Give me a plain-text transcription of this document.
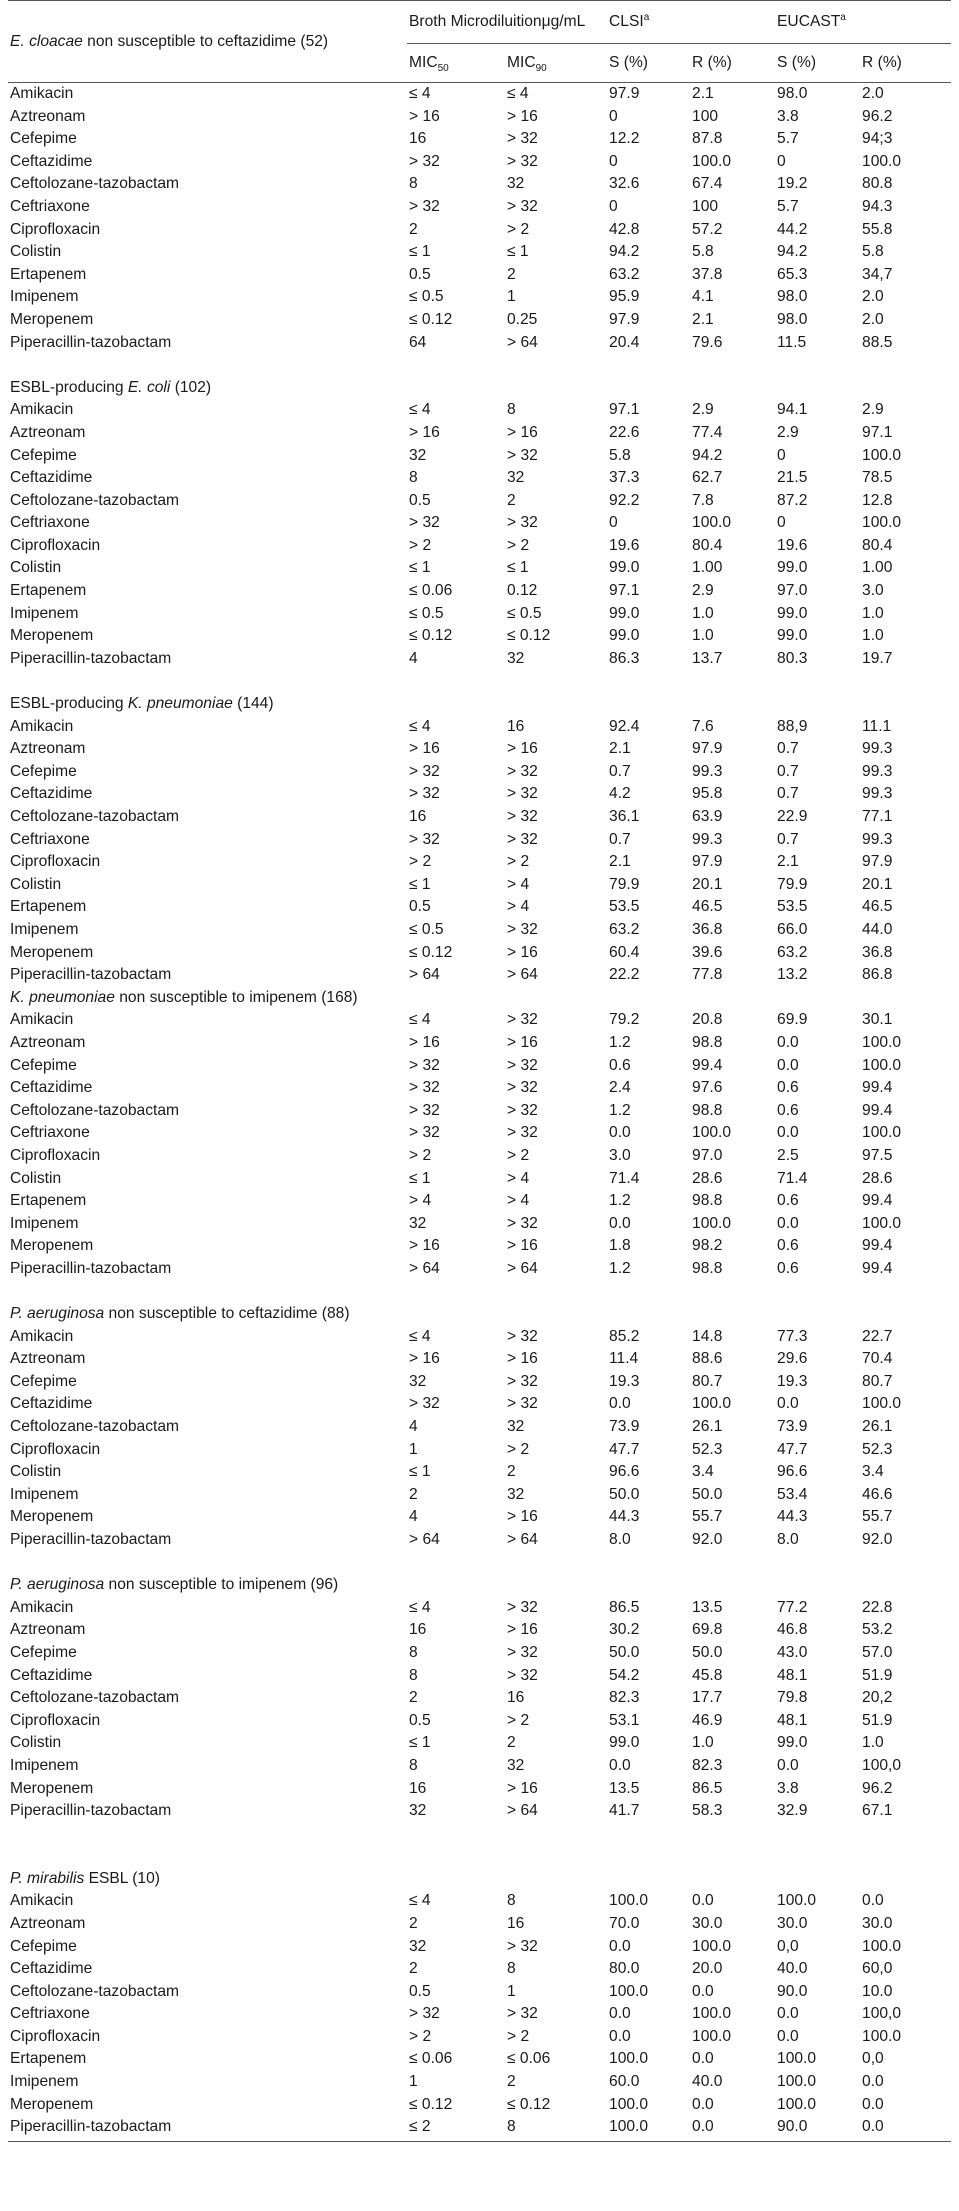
E. cloacae non susceptible to ceftazidime (52)	Broth Microdiluitionμg/mL		CLSI$^a$		EUCAST$^a$
	$MIC_{50}$	$MIC_{90}$	S (%)	R (%)	S (%)	R (%)
Amikacin	≤ 4	≤ 4	97.9	2.1	98.0	2.0
Aztreonam	> 16	> 16	0	100	3.8	96.2
Cefepime	16	> 32	12.2	87.8	5.7	94;3
Ceftazidime	> 32	> 32	0	100.0	0	100.0
Ceftolozane-tazobactam	8	32	32.6	67.4	19.2	80.8
Ceftriaxone	> 32	> 32	0	100	5.7	94.3
Ciprofloxacin	2	> 2	42.8	57.2	44.2	55.8
Colistin	≤ 1	≤ 1	94.2	5.8	94.2	5.8
Ertapenem	0.5	2	63.2	37.8	65.3	34,7
Imipenem	≤ 0.5	1	95.9	4.1	98.0	2.0
Meropenem	≤ 0.12	0.25	97.9	2.1	98.0	2.0
Piperacillin-tazobactam	64	> 64	20.4	79.6	11.5	88.5

ESBL-producing E. coli (102)						
Amikacin	≤ 4	8	97.1	2.9	94.1	2.9
Aztreonam	> 16	> 16	22.6	77.4	2.9	97.1
Cefepime	32	> 32	5.8	94.2	0	100.0
Ceftazidime	8	32	37.3	62.7	21.5	78.5
Ceftolozane-tazobactam	0.5	2	92.2	7.8	87.2	12.8
Ceftriaxone	> 32	> 32	0	100.0	0	100.0
Ciprofloxacin	> 2	> 2	19.6	80.4	19.6	80.4
Colistin	≤ 1	≤ 1	99.0	1.00	99.0	1.00
Ertapenem	≤ 0.06	0.12	97.1	2.9	97.0	3.0
Imipenem	≤ 0.5	≤ 0.5	99.0	1.0	99.0	1.0
Meropenem	≤ 0.12	≤ 0.12	99.0	1.0	99.0	1.0
Piperacillin-tazobactam	4	32	86.3	13.7	80.3	19.7

ESBL-producing K. pneumoniae (144)						
Amikacin	≤ 4	16	92.4	7.6	88,9	11.1
Aztreonam	> 16	> 16	2.1	97.9	0.7	99.3
Cefepime	> 32	> 32	0.7	99.3	0.7	99.3
Ceftazidime	> 32	> 32	4.2	95.8	0.7	99.3
Ceftolozane-tazobactam	16	> 32	36.1	63.9	22.9	77.1
Ceftriaxone	> 32	> 32	0.7	99.3	0.7	99.3
Ciprofloxacin	> 2	> 2	2.1	97.9	2.1	97.9
Colistin	≤ 1	> 4	79.9	20.1	79.9	20.1
Ertapenem	0.5	> 4	53.5	46.5	53.5	46.5
Imipenem	≤ 0.5	> 32	63.2	36.8	66.0	44.0
Meropenem	≤ 0.12	> 16	60.4	39.6	63.2	36.8
Piperacillin-tazobactam	> 64	> 64	22.2	77.8	13.2	86.8
K. pneumoniae non susceptible to imipenem (168)						
Amikacin	≤ 4	> 32	79.2	20.8	69.9	30.1
Aztreonam	> 16	> 16	1.2	98.8	0.0	100.0
Cefepime	> 32	> 32	0.6	99.4	0.0	100.0
Ceftazidime	> 32	> 32	2.4	97.6	0.6	99.4
Ceftolozane-tazobactam	> 32	> 32	1.2	98.8	0.6	99.4
Ceftriaxone	> 32	> 32	0.0	100.0	0.0	100.0
Ciprofloxacin	> 2	> 2	3.0	97.0	2.5	97.5
Colistin	≤ 1	> 4	71.4	28.6	71.4	28.6
Ertapenem	> 4	> 4	1.2	98.8	0.6	99.4
Imipenem	32	> 32	0.0	100.0	0.0	100.0
Meropenem	> 16	> 16	1.8	98.2	0.6	99.4
Piperacillin-tazobactam	> 64	> 64	1.2	98.8	0.6	99.4

P. aeruginosa non susceptible to ceftazidime (88)						
Amikacin	≤ 4	> 32	85.2	14.8	77.3	22.7
Aztreonam	> 16	> 16	11.4	88.6	29.6	70.4
Cefepime	32	> 32	19.3	80.7	19.3	80.7
Ceftazidime	> 32	> 32	0.0	100.0	0.0	100.0
Ceftolozane-tazobactam	4	32	73.9	26.1	73.9	26.1
Ciprofloxacin	1	> 2	47.7	52.3	47.7	52.3
Colistin	≤ 1	2	96.6	3.4	96.6	3.4
Imipenem	2	32	50.0	50.0	53.4	46.6
Meropenem	4	> 16	44.3	55.7	44.3	55.7
Piperacillin-tazobactam	> 64	> 64	8.0	92.0	8.0	92.0

P. aeruginosa non susceptible to imipenem (96)						
Amikacin	≤ 4	> 32	86.5	13.5	77.2	22.8
Aztreonam	16	> 16	30.2	69.8	46.8	53.2
Cefepime	8	> 32	50.0	50.0	43.0	57.0
Ceftazidime	8	> 32	54.2	45.8	48.1	51.9
Ceftolozane-tazobactam	2	16	82.3	17.7	79.8	20,2
Ciprofloxacin	0.5	> 2	53.1	46.9	48.1	51.9
Colistin	≤ 1	2	99.0	1.0	99.0	1.0
Imipenem	8	32	0.0	82.3	0.0	100,0
Meropenem	16	> 16	13.5	86.5	3.8	96.2
Piperacillin-tazobactam	32	> 64	41.7	58.3	32.9	67.1

P. mirabilis ESBL (10)						
Amikacin	≤ 4	8	100.0	0.0	100.0	0.0
Aztreonam	2	16	70.0	30.0	30.0	30.0
Cefepime	32	> 32	0.0	100.0	0,0	100.0
Ceftazidime	2	8	80.0	20.0	40.0	60,0
Ceftolozane-tazobactam	0.5	1	100.0	0.0	90.0	10.0
Ceftriaxone	> 32	> 32	0.0	100.0	0.0	100,0
Ciprofloxacin	> 2	> 2	0.0	100.0	0.0	100.0
Ertapenem	≤ 0.06	≤ 0.06	100.0	0.0	100.0	0,0
Imipenem	1	2	60.0	40.0	100.0	0.0
Meropenem	≤ 0.12	≤ 0.12	100.0	0.0	100.0	0.0
Piperacillin-tazobactam	≤ 2	8	100.0	0.0	90.0	0.0
